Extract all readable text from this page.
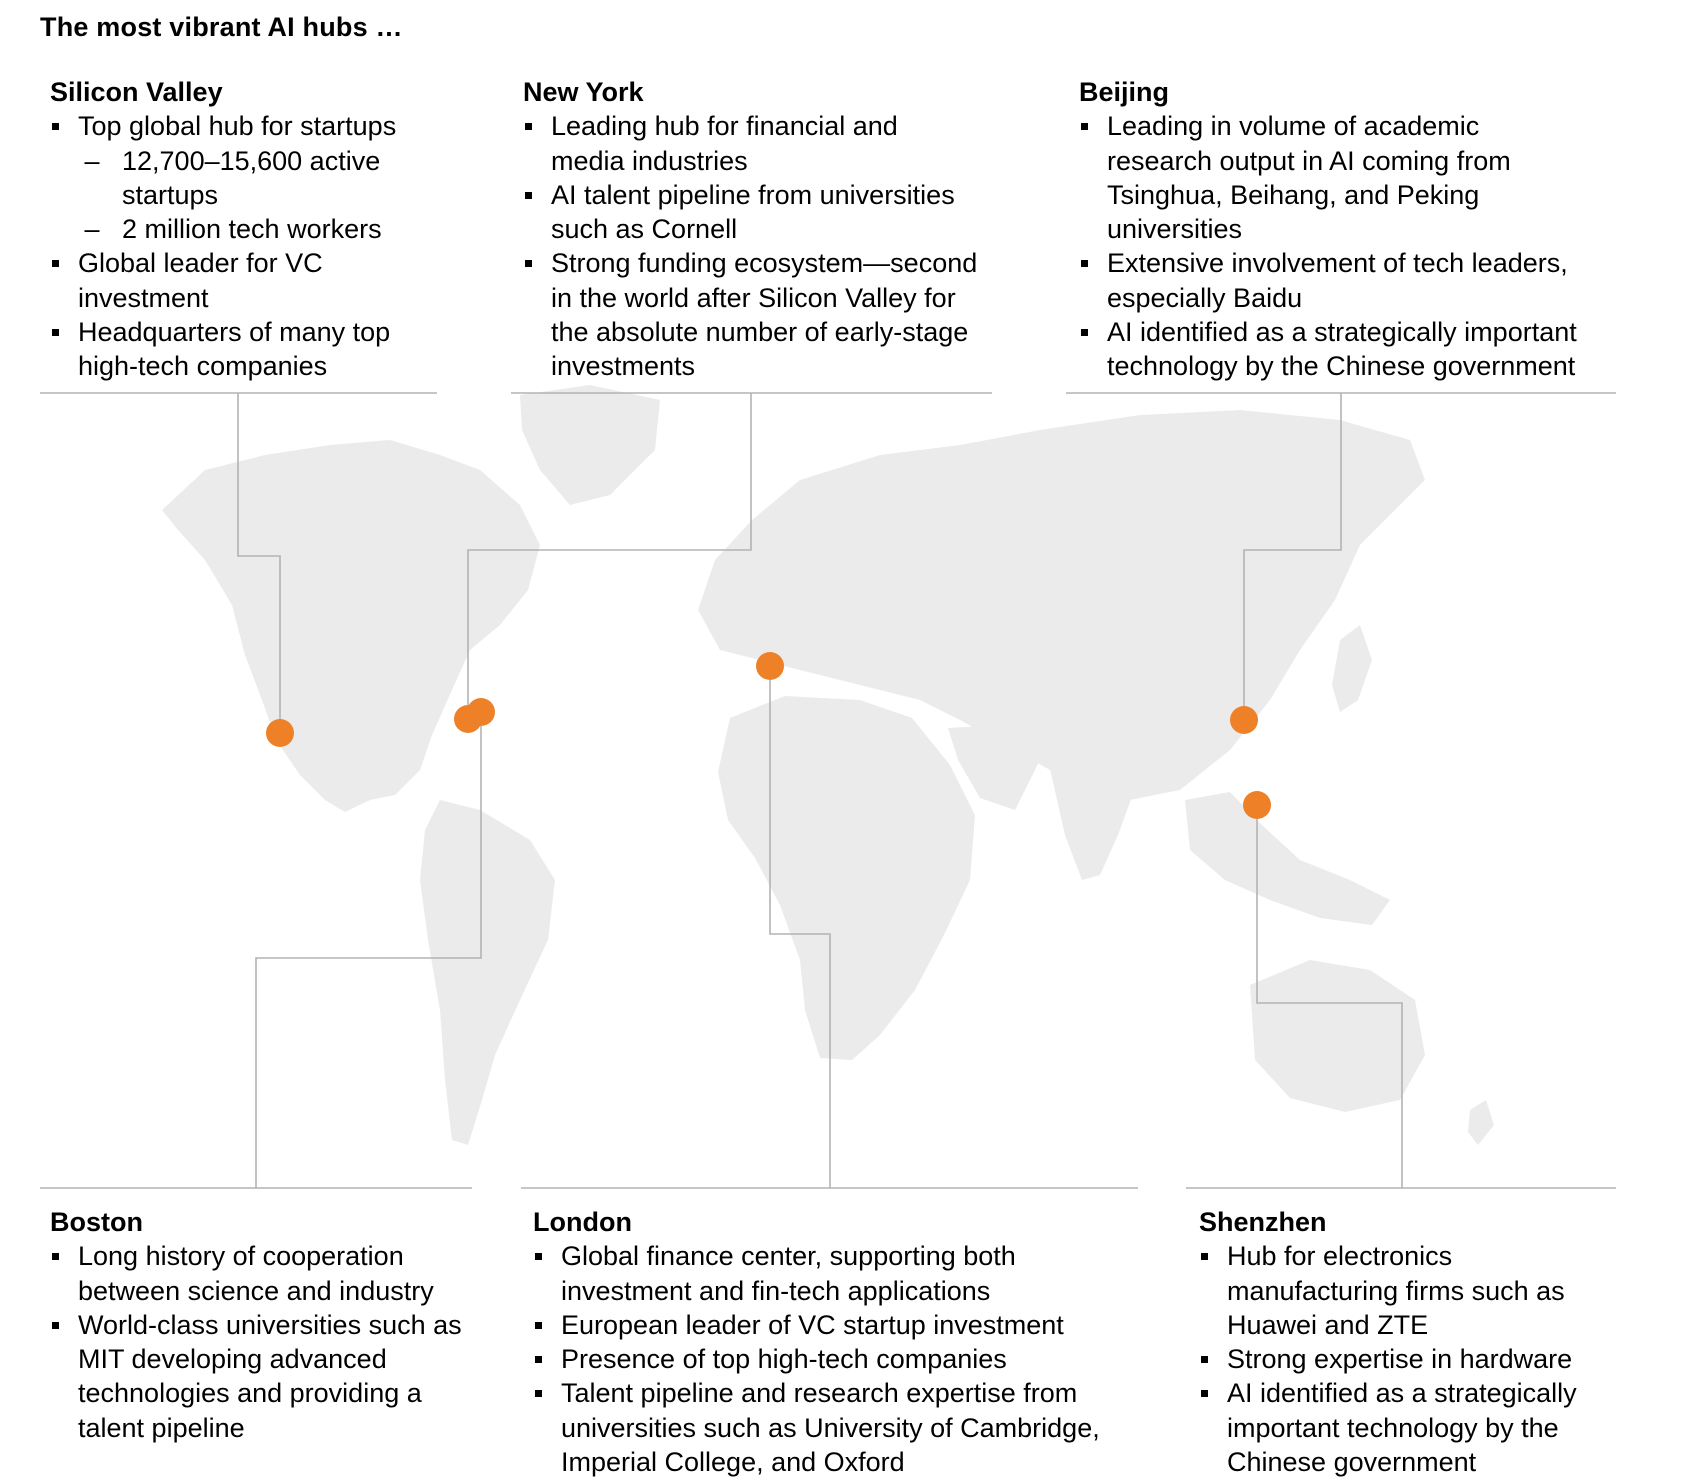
The most vibrant AI hubs …
Silicon Valley
Top global hub for startups
– 12,700–15,600 active startups
– 2 million tech workers
Global leader for VC investment
Headquarters of many top high-tech companies
New York
Leading hub for financial and media industries
AI talent pipeline from universities such as Cornell
Strong funding ecosystem—second in the world after Silicon Valley for the absolute number of early-stage investments
Beijing
Leading in volume of academic research output in AI coming from Tsinghua, Beihang, and Peking universities
Extensive involvement of tech leaders, especially Baidu
AI identified as a strategically important technology by the Chinese government
Boston
Long history of cooperation between science and industry
World-class universities such as MIT developing advanced technologies and providing a talent pipeline
London
Global finance center, supporting both investment and fin-tech applications
European leader of VC startup investment
Presence of top high-tech companies
Talent pipeline and research expertise from universities such as University of Cambridge, Imperial College, and Oxford
Shenzhen
Hub for electronics manufacturing firms such as Huawei and ZTE
Strong expertise in hardware
AI identified as a strategically important technology by the Chinese government
